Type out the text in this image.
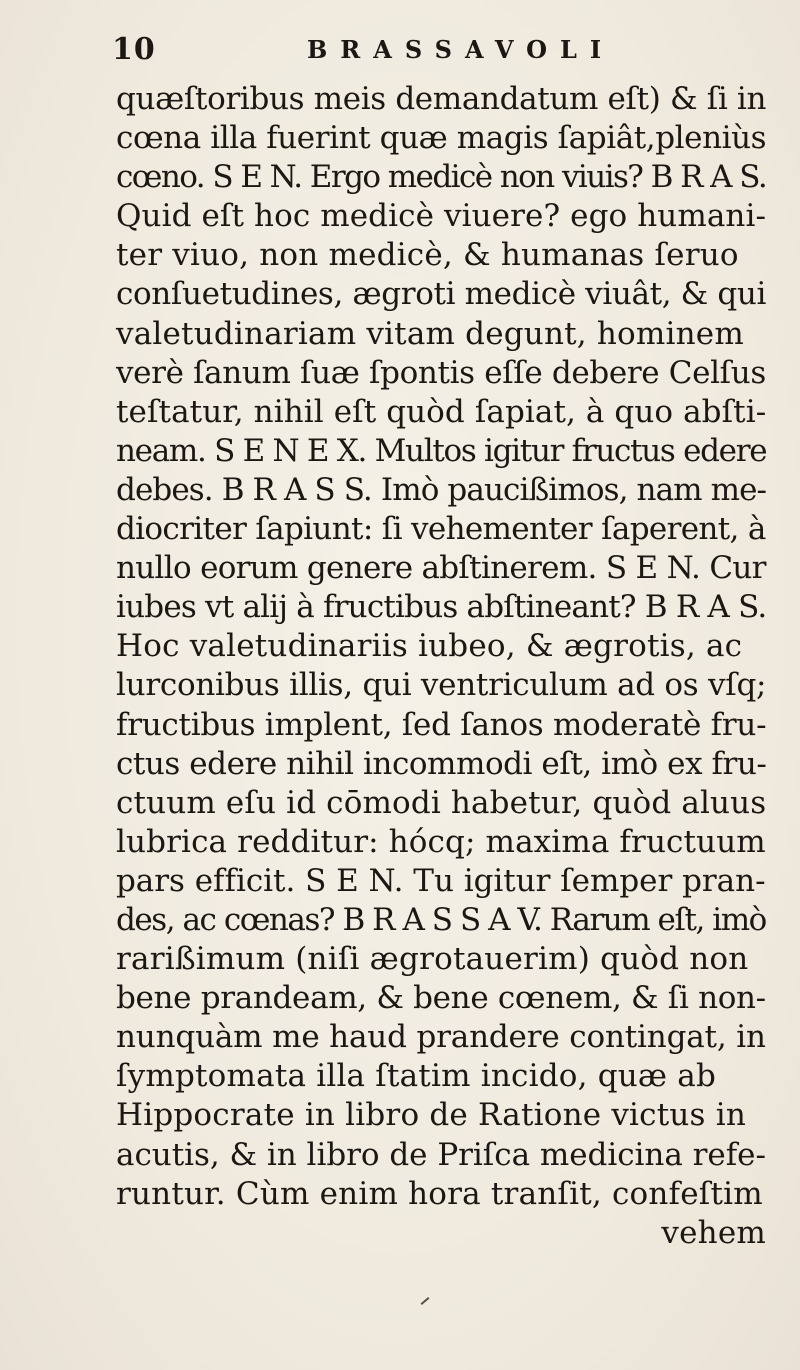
10	BRASSAVOLI
quæſtoribus meis demandatum eſt) & ſi in
cœna illa fuerint quæ magis ſapiât,pleniùs
cœno. S E N. Ergo medicè non viuis? B R A S.
Quid eſt hoc medicè viuere? ego humani-
ter viuo, non medicè, & humanas ſeruo
conſuetudines, ægroti medicè viuât, & qui
valetudinariam vitam degunt, hominem
verè ſanum ſuæ ſpontis eſſe debere Celſus
teſtatur, nihil eſt quòd ſapiat, à quo abſti-
neam. S E N E X. Multos igitur fructus edere
debes. B R A S S. Imò paucißimos, nam me-
diocriter ſapiunt: ſi vehementer ſaperent, à
nullo eorum genere abſtinerem. S E N. Cur
iubes vt alij à fructibus abſtineant? B R A S.
Hoc valetudinariis iubeo, & ægrotis, ac
lurconibus illis, qui ventriculum ad os vſq;
fructibus implent, ſed ſanos moderatè fru-
ctus edere nihil incommodi eſt, imò ex fru-
ctuum eſu id cōmodi habetur, quòd aluus
lubrica redditur: hócq; maxima fructuum
pars efficit. S E N. Tu igitur ſemper pran-
des, ac cœnas? B R A S S A V. Rarum eſt, imò
rarißimum (niſi ægrotauerim) quòd non
bene prandeam, & bene cœnem, & ſi non-
nunquàm me haud prandere contingat, in
ſymptomata illa ſtatim incido, quæ ab
Hippocrate in libro de Ratione victus in
acutis, & in libro de Priſca medicina refe-
runtur. Cùm enim hora tranſit, confeſtim
vehem
